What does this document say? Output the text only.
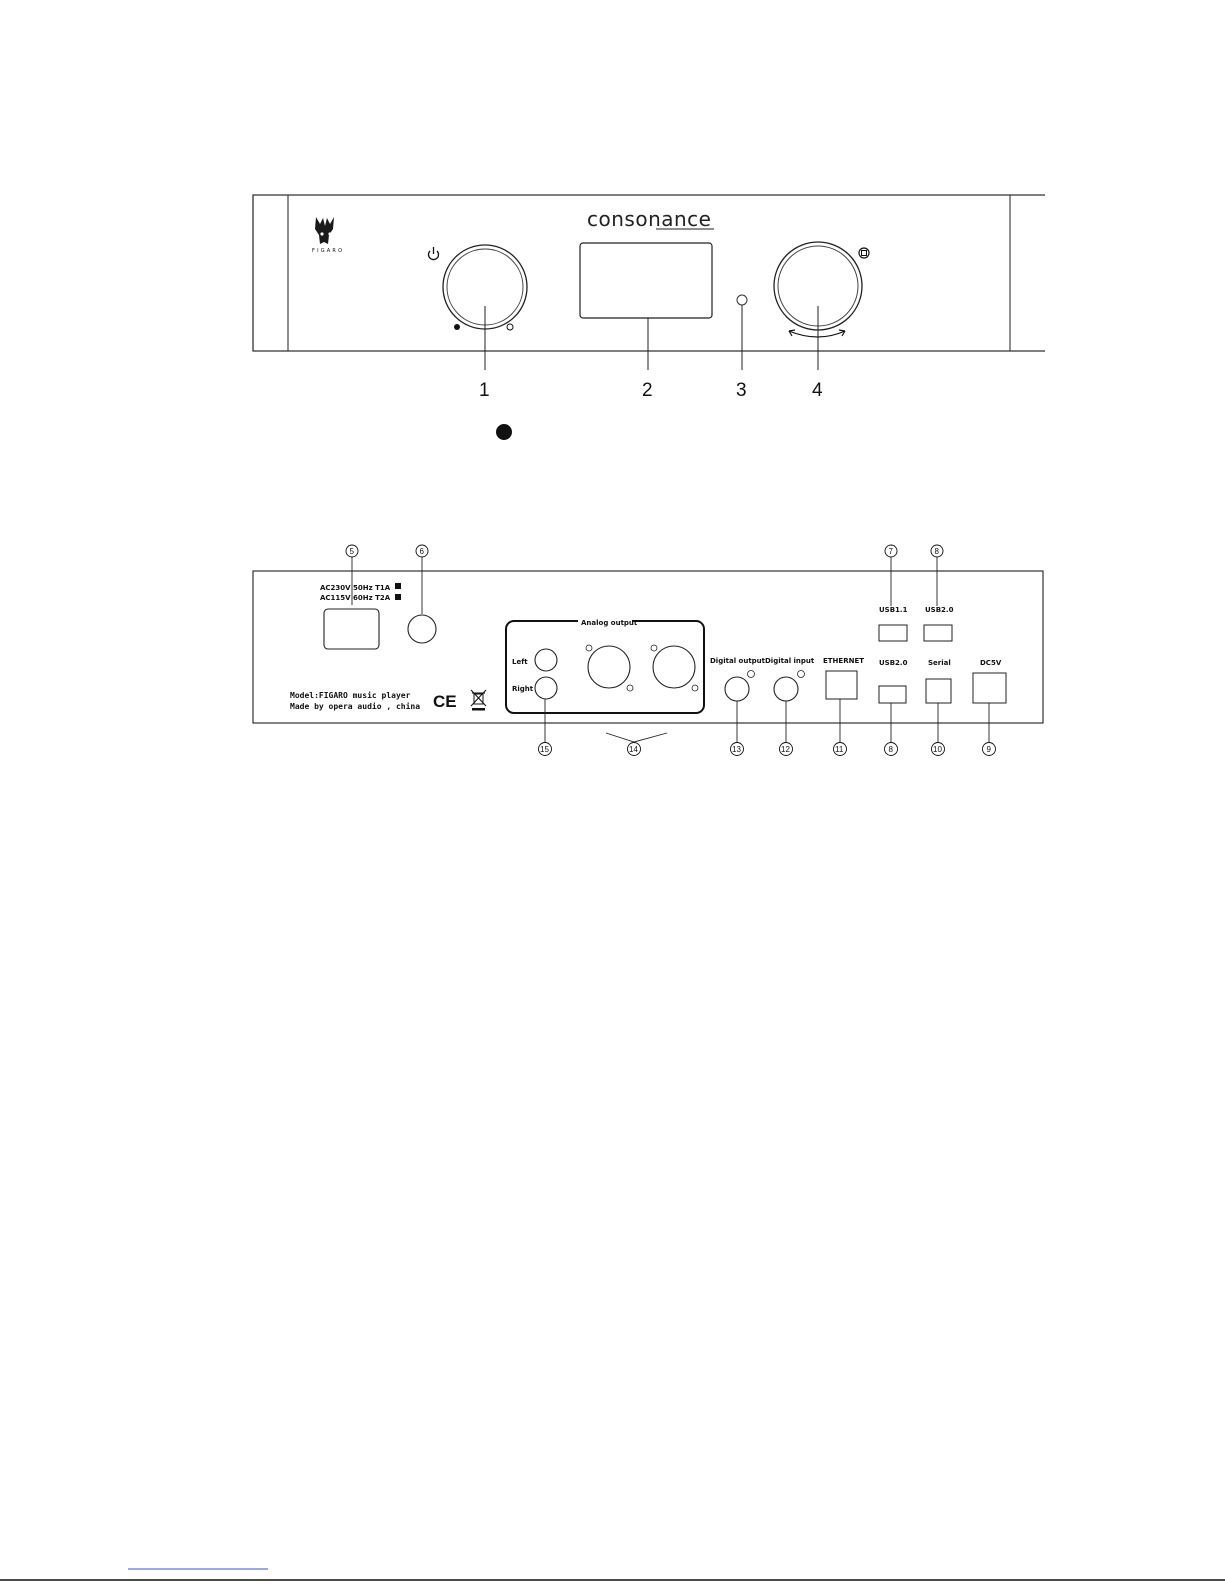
FIGARO
consonance
1	2	3	4
5	6	7	8
AC230V 50Hz T1A
AC115V 60Hz T2A
Model:FIGARO music player
Made by opera audio , china CE
Analog output
Left
Right
Digital output Digital input ETHERNET
USB1.1	USB2.0
USB2.0	Serial	DC5V
15	14	13	12	11	8	10	9
